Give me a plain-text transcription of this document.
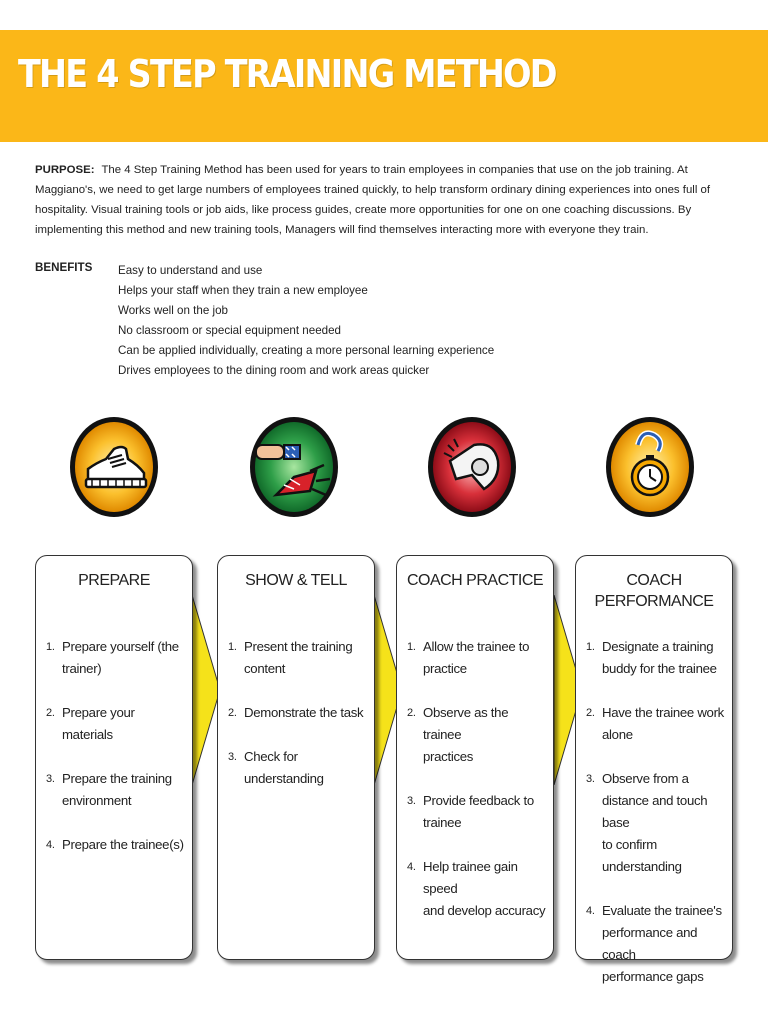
THE 4 STEP TRAINING METHOD
PURPOSE: The 4 Step Training Method has been used for years to train employees in companies that use on the job training. At Maggiano's, we need to get large numbers of employees trained quickly, to help transform ordinary dining experiences into ones full of hospitality. Visual training tools or job aids, like process guides, create more opportunities for one on one coaching discussions. By implementing this method and new training tools, Managers will find themselves interacting more with everyone they train.
BENEFITS Easy to understand and use
Helps your staff when they train a new employee
Works well on the job
No classroom or special equipment needed
Can be applied individually, creating a more personal learning experience
Drives employees to the dining room and work areas quicker
PREPARE
1. Prepare yourself (the
trainer)
2. Prepare your materials
3. Prepare the training
environment
4. Prepare the trainee(s)
SHOW & TELL
1. Present the training
content
2. Demonstrate the task
3. Check for understanding
COACH PRACTICE
1. Allow the trainee to
practice
2. Observe as the trainee
practices
3. Provide feedback to
trainee
4. Help trainee gain speed
and develop accuracy
COACH
PERFORMANCE
1. Designate a training
buddy for the trainee
2. Have the trainee work
alone
3. Observe from a
distance and touch base
to confirm understanding
4. Evaluate the trainee's
performance and coach
performance gaps
